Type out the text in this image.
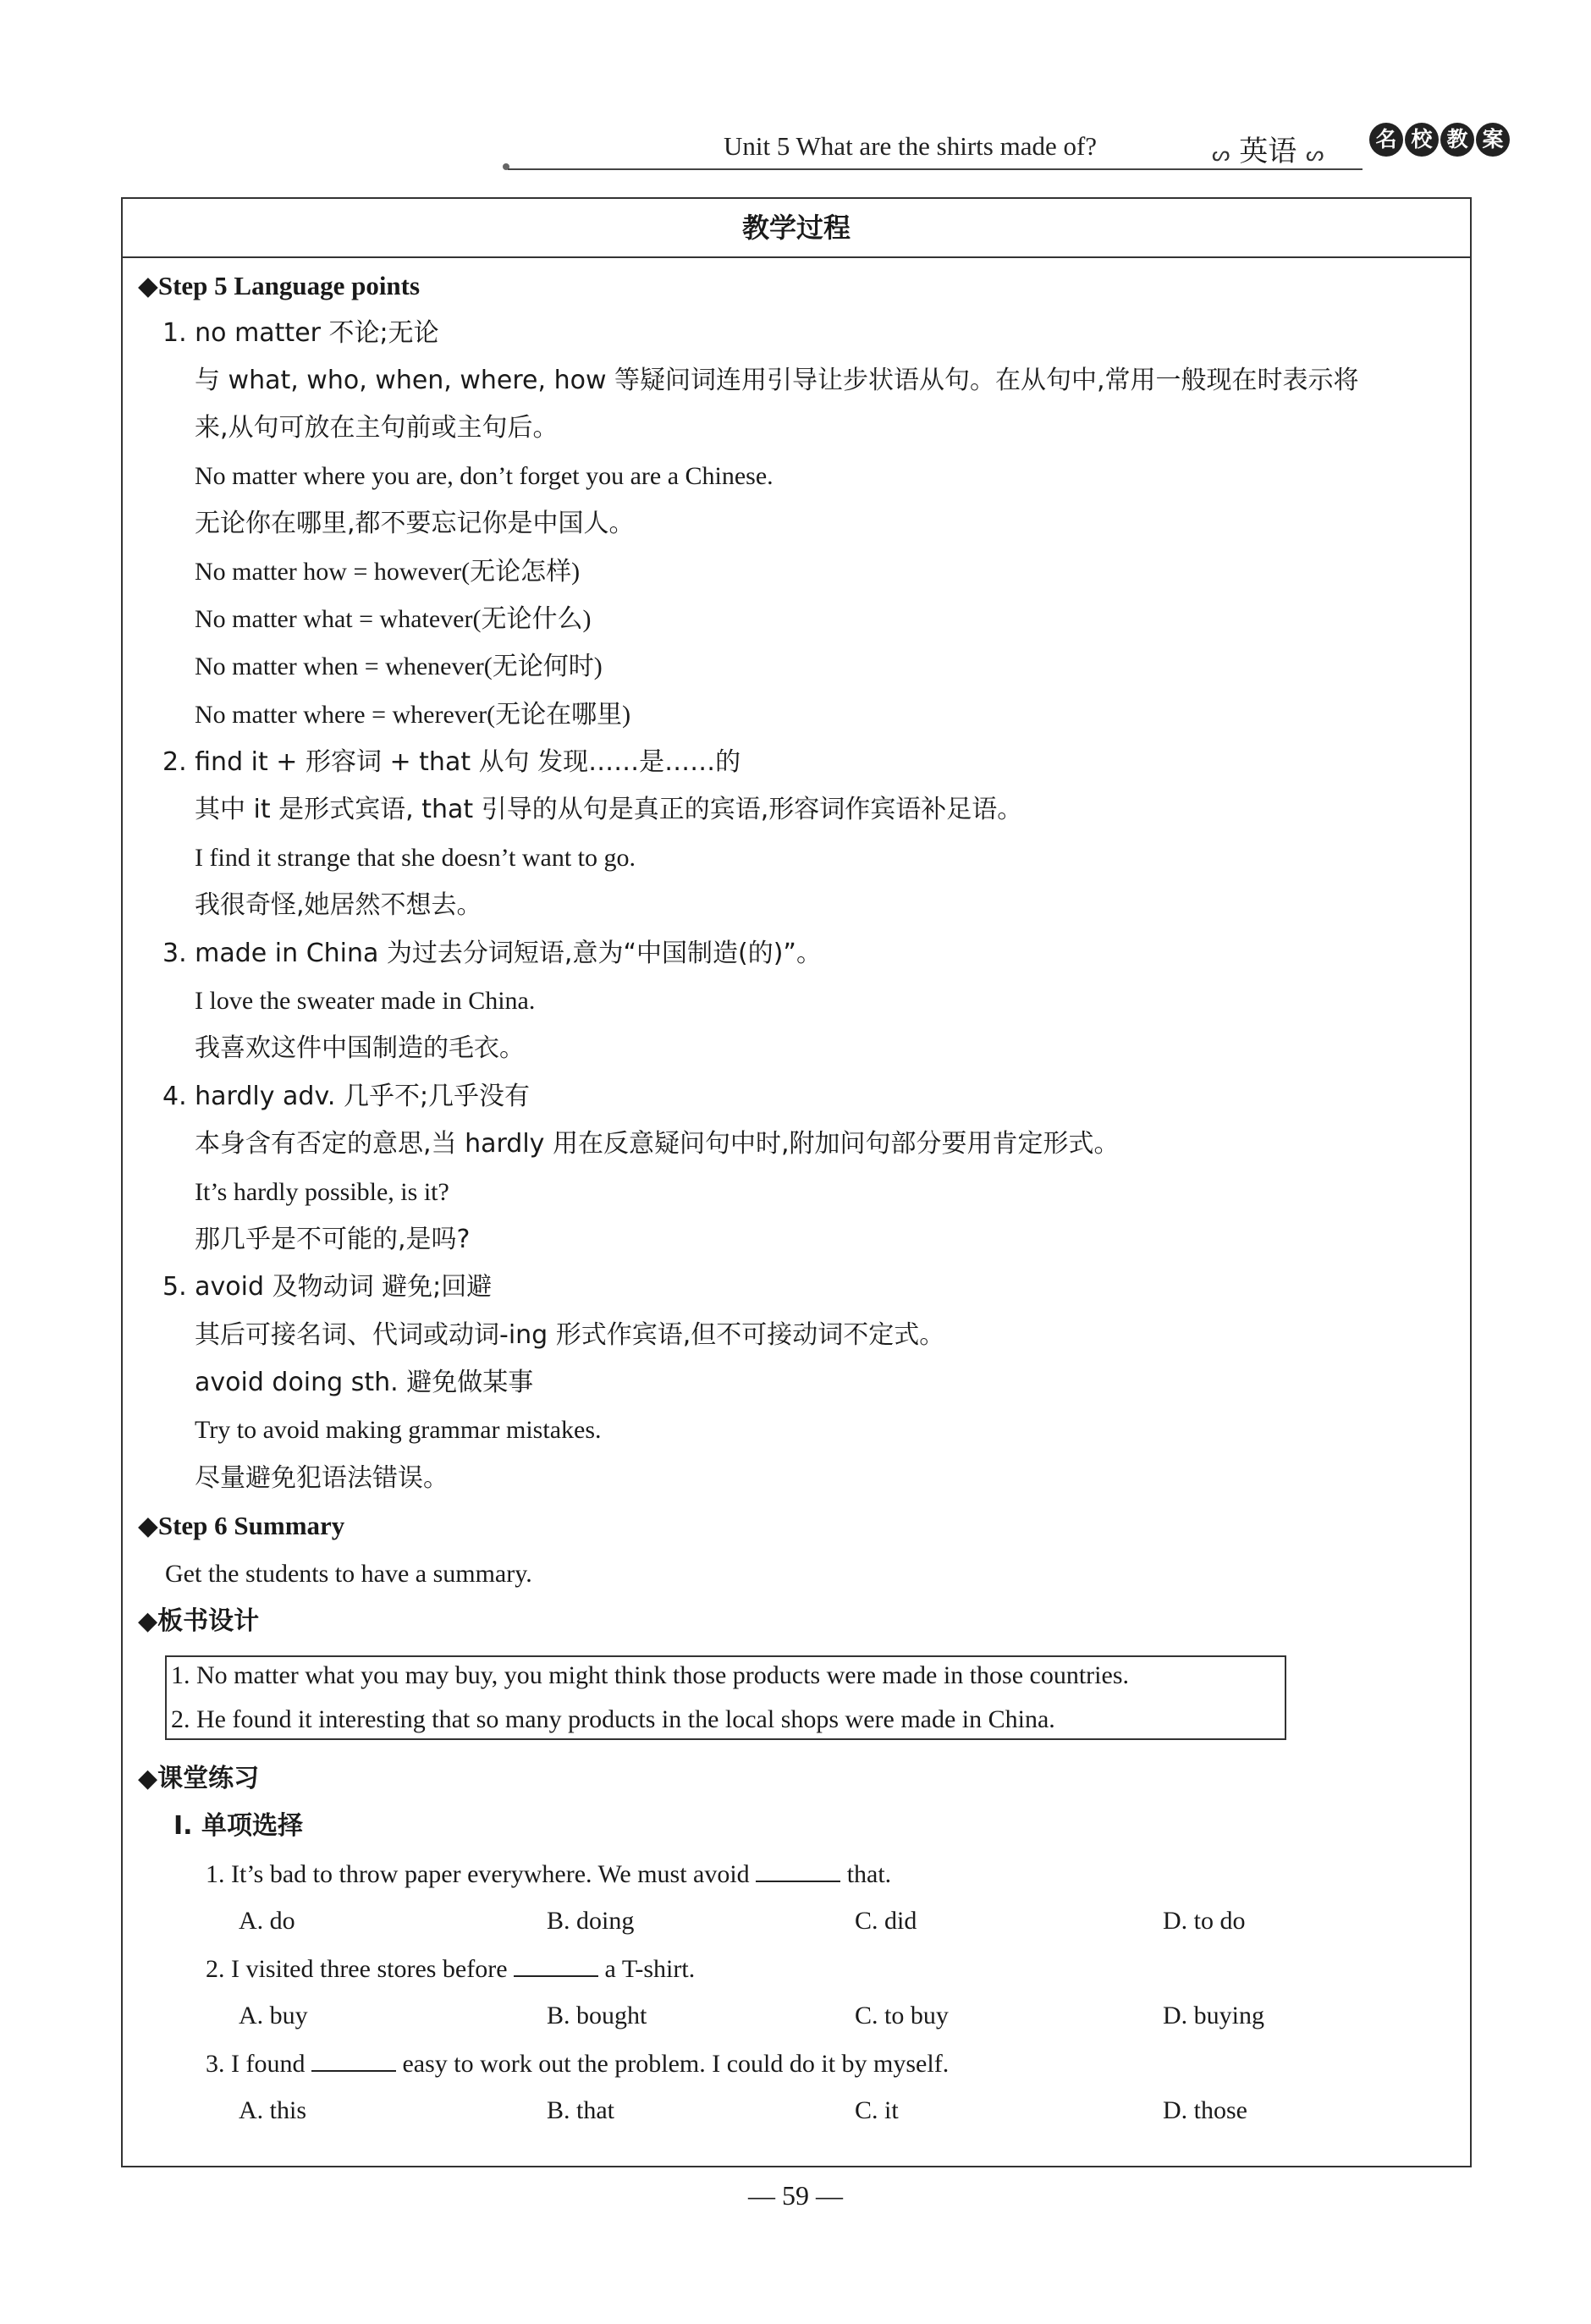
Unit 5 What are the shirts made of?	ᔕ 英语 ᔕ
名 校 教 案
教学过程
◆Step 5 Language points
1. no matter 不论;无论
与 what, who, when, where, how 等疑问词连用引导让步状语从句。在从句中,常用一般现在时表示将
来,从句可放在主句前或主句后。
No matter where you are, don’t forget you are a Chinese.
无论你在哪里,都不要忘记你是中国人。
No matter how = however(无论怎样)
No matter what = whatever(无论什么)
No matter when = whenever(无论何时)
No matter where = wherever(无论在哪里)
2. find it + 形容词 + that 从句 发现……是……的
其中 it 是形式宾语, that 引导的从句是真正的宾语,形容词作宾语补足语。
I find it strange that she doesn’t want to go.
我很奇怪,她居然不想去。
3. made in China 为过去分词短语,意为“中国制造(的)”。
I love the sweater made in China.
我喜欢这件中国制造的毛衣。
4. hardly adv. 几乎不;几乎没有
本身含有否定的意思,当 hardly 用在反意疑问句中时,附加问句部分要用肯定形式。
It’s hardly possible, is it?
那几乎是不可能的,是吗?
5. avoid 及物动词 避免;回避
其后可接名词、代词或动词-ing 形式作宾语,但不可接动词不定式。
avoid doing sth. 避免做某事
Try to avoid making grammar mistakes.
尽量避免犯语法错误。
◆Step 6 Summary
Get the students to have a summary.
◆板书设计
1. No matter what you may buy, you might think those products were made in those countries.
2. He found it interesting that so many products in the local shops were made in China.
◆课堂练习
Ⅰ. 单项选择
1. It’s bad to throw paper everywhere. We must avoid	that.
A. do	B. doing	C. did	D. to do
2. I visited three stores before	a T-shirt.
A. buy	B. bought	C. to buy	D. buying
3. I found	easy to work out the problem. I could do it by myself.
A. this	B. that	C. it	D. those
— 59 —
